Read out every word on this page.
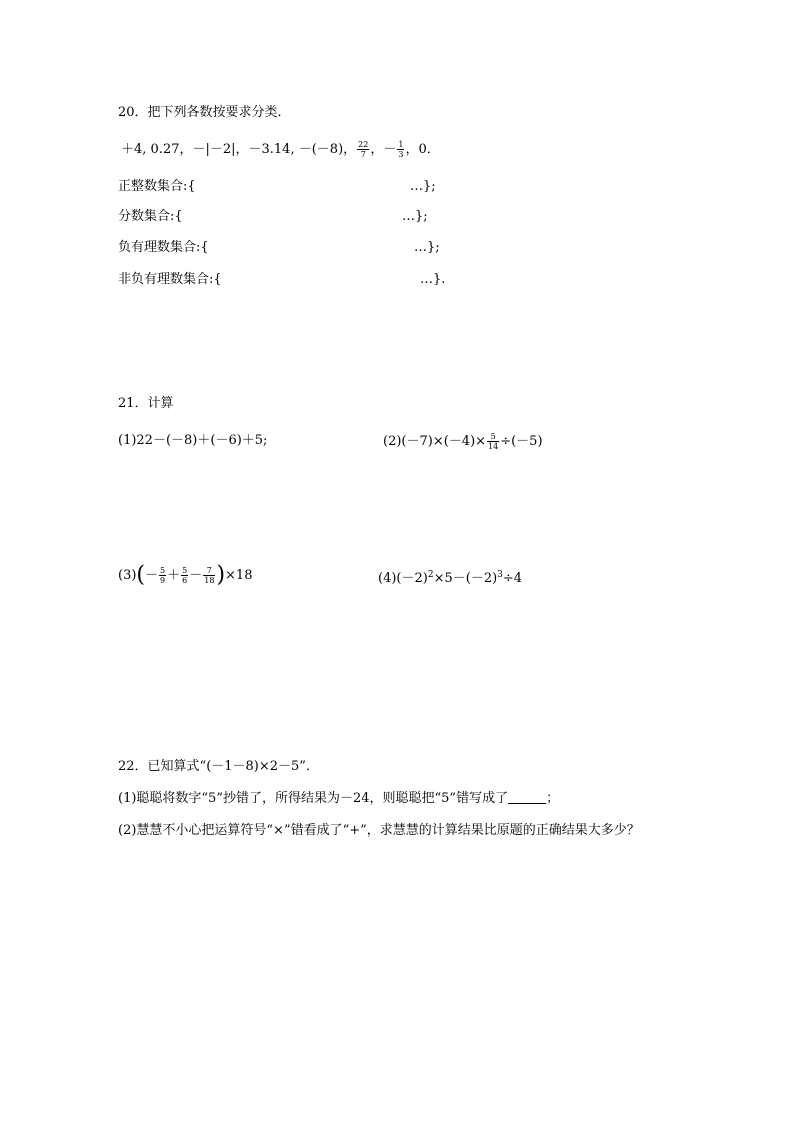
20．把下列各数按要求分类．
＋4, 0.27，－|－2|，－3.14, －(－8)， $\frac{22}{7}$ ，－ $\frac{1}{3}$ ，0．
正整数集合:{	…};
分数集合:{	…};
负有理数集合:{	…};
非负有理数集合:{	…}.
21．计算
(1)22－(－8)＋(－6)＋5;	$(2)(-7)\times(-4)\times \frac{5}{14} \div(-5)$
$(3)(- \frac{5}{9} + \frac{5}{6} - \frac{7}{18} )\times 18$	$(4)(-2)^2\times 5-(-2)^3\div 4$
22．已知算式“(－1－8)×2－5”．
(1)聪聪将数字“5”抄错了，所得结果为－24，则聪聪把“5”错写成了	；
(2)慧慧不小心把运算符号“×”错看成了“+”，求慧慧的计算结果比原题的正确结果大多少？
